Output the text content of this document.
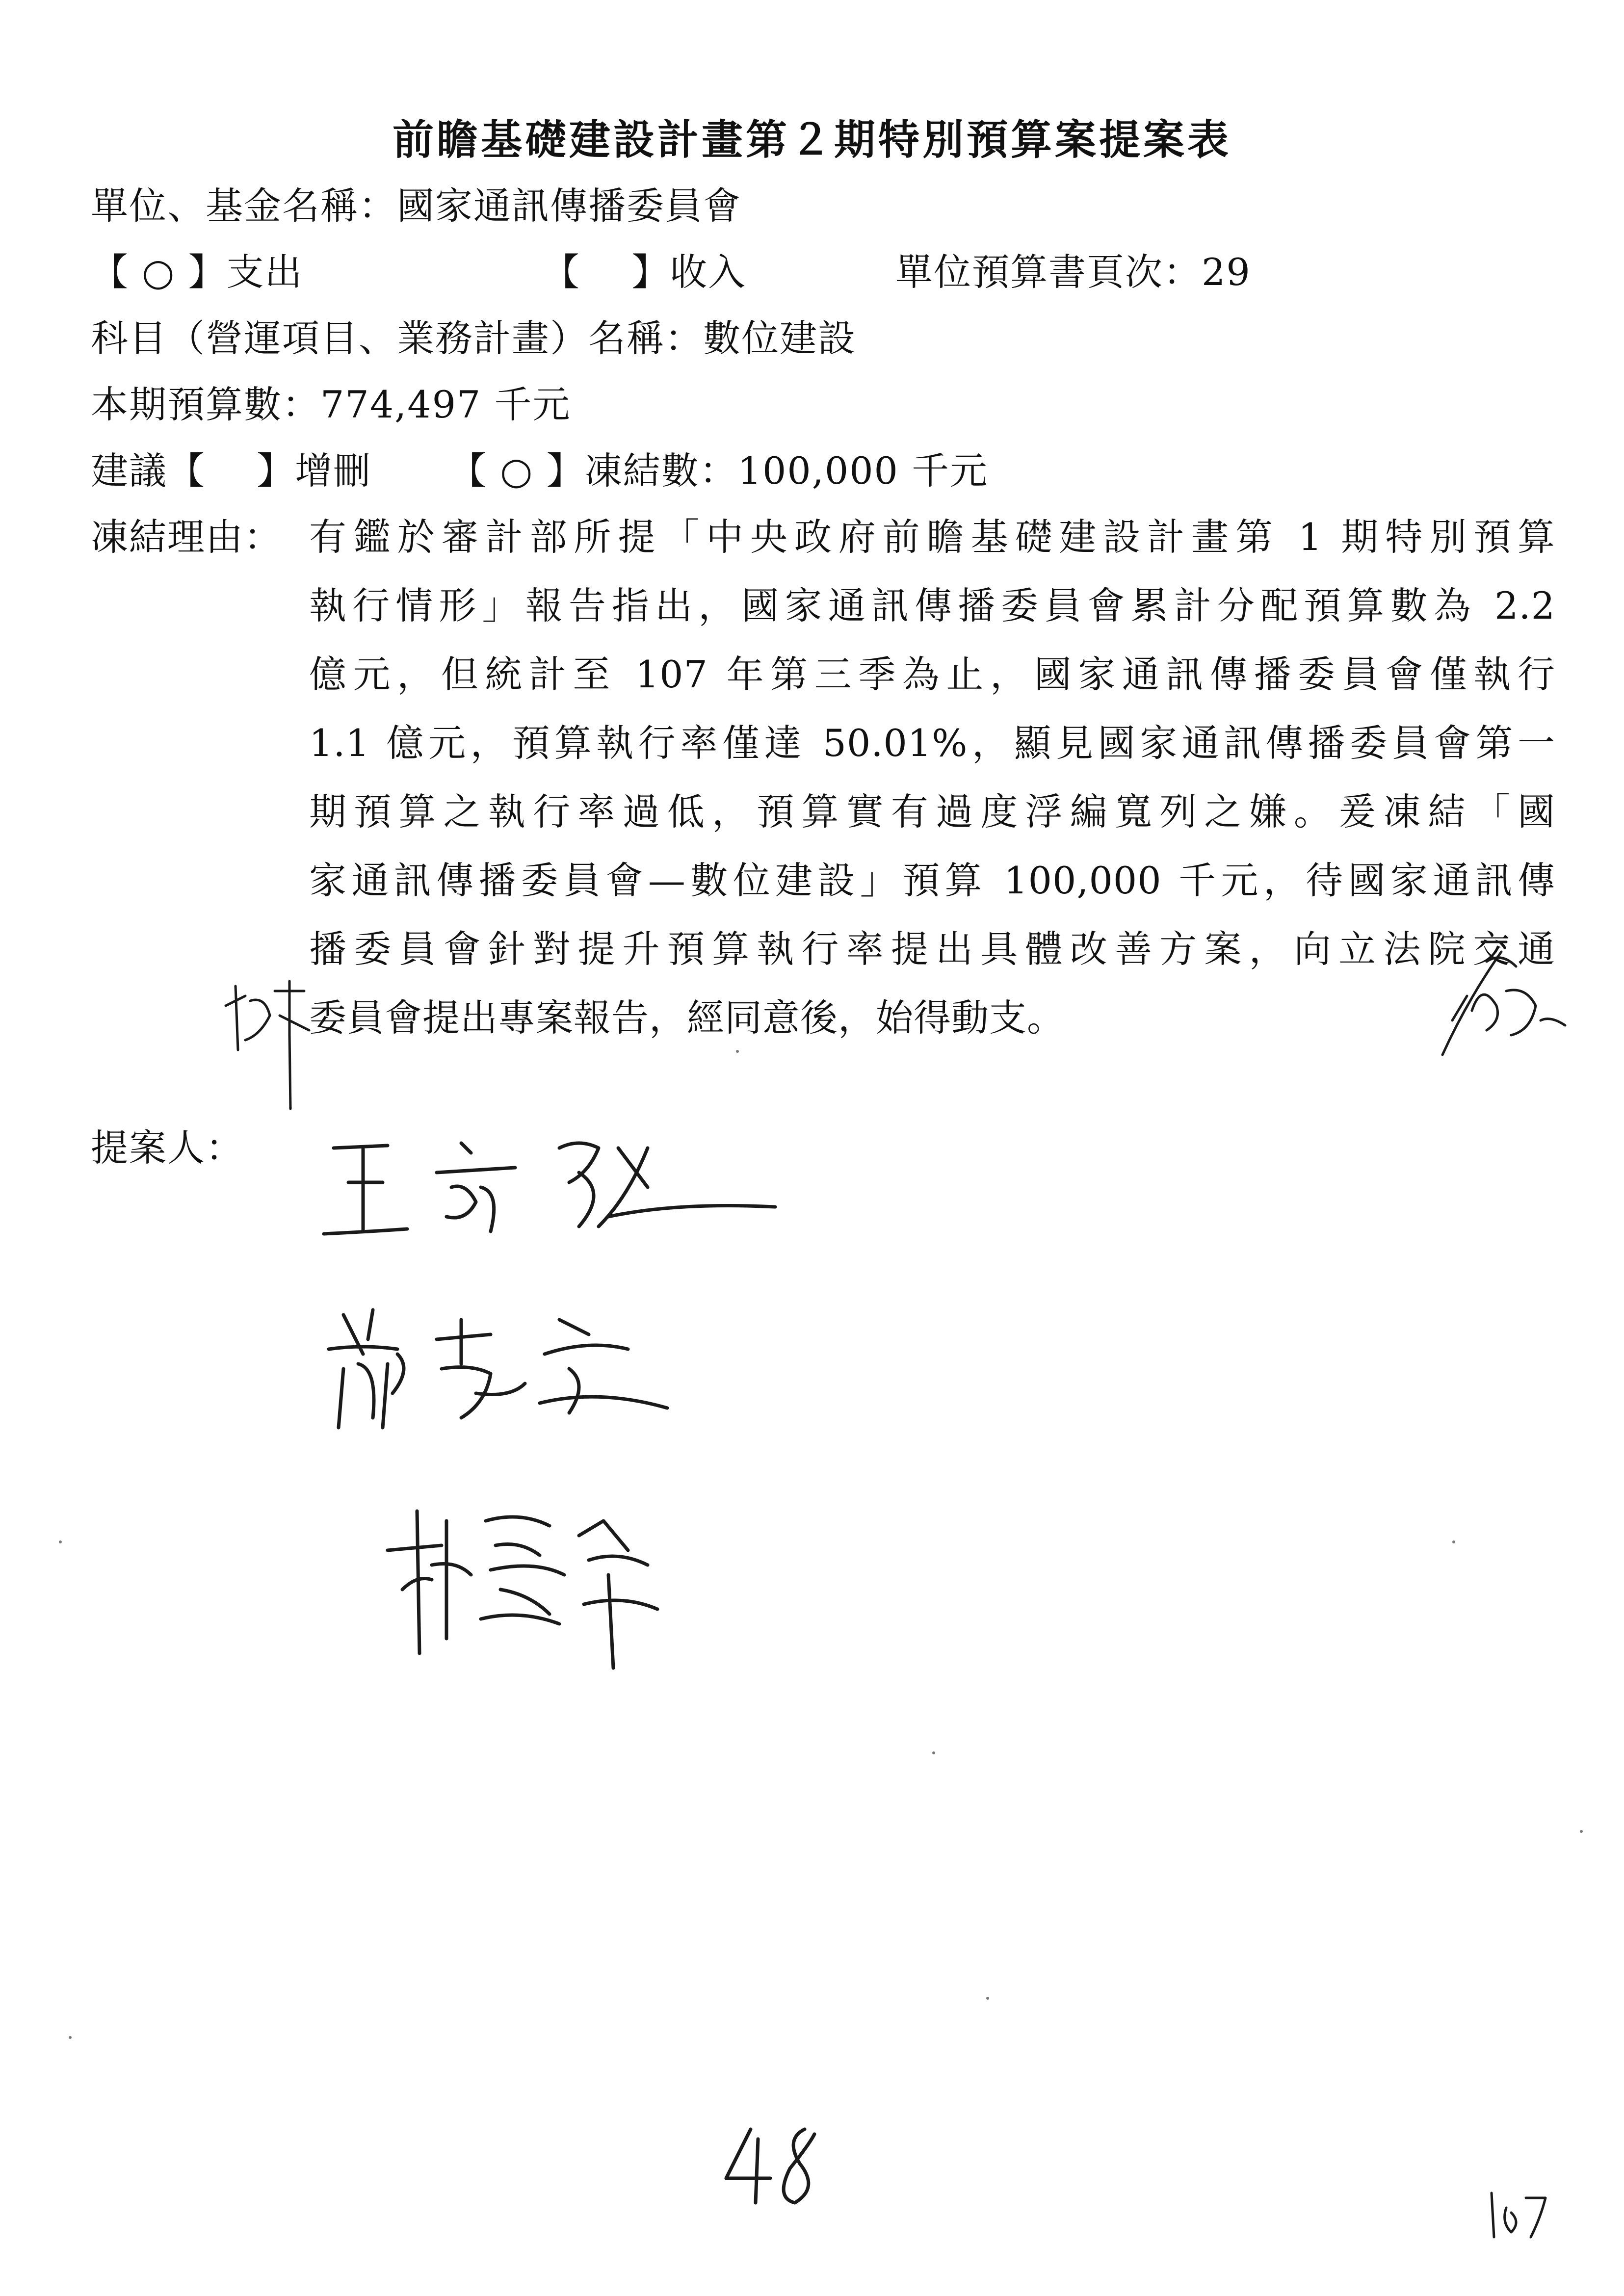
前瞻基礎建設計畫第２期特別預算案提案表
單位、基金名稱：國家通訊傳播委員會
【 ○ 】支出	【　 】收入	單位預算書頁次：29
科目（營運項目、業務計畫）名稱：數位建設
本期預算數：774,497 千元
建議【　 】增刪 【 ○ 】凍結數：100,000 千元
凍結理由： 有鑑於審計部所提「中央政府前瞻基礎建設計畫第 1 期特別預算
執行情形」報告指出，國家通訊傳播委員會累計分配預算數為 2.2
億元，但統計至 107 年第三季為止，國家通訊傳播委員會僅執行
1.1 億元，預算執行率僅達 50.01%，顯見國家通訊傳播委員會第一
期預算之執行率過低，預算實有過度浮編寬列之嫌。爰凍結「國
家通訊傳播委員會—數位建設」預算 100,000 千元，待國家通訊傳
播委員會針對提升預算執行率提出具體改善方案，向立法院交通
委員會提出專案報告，經同意後，始得動支。
提案人：
